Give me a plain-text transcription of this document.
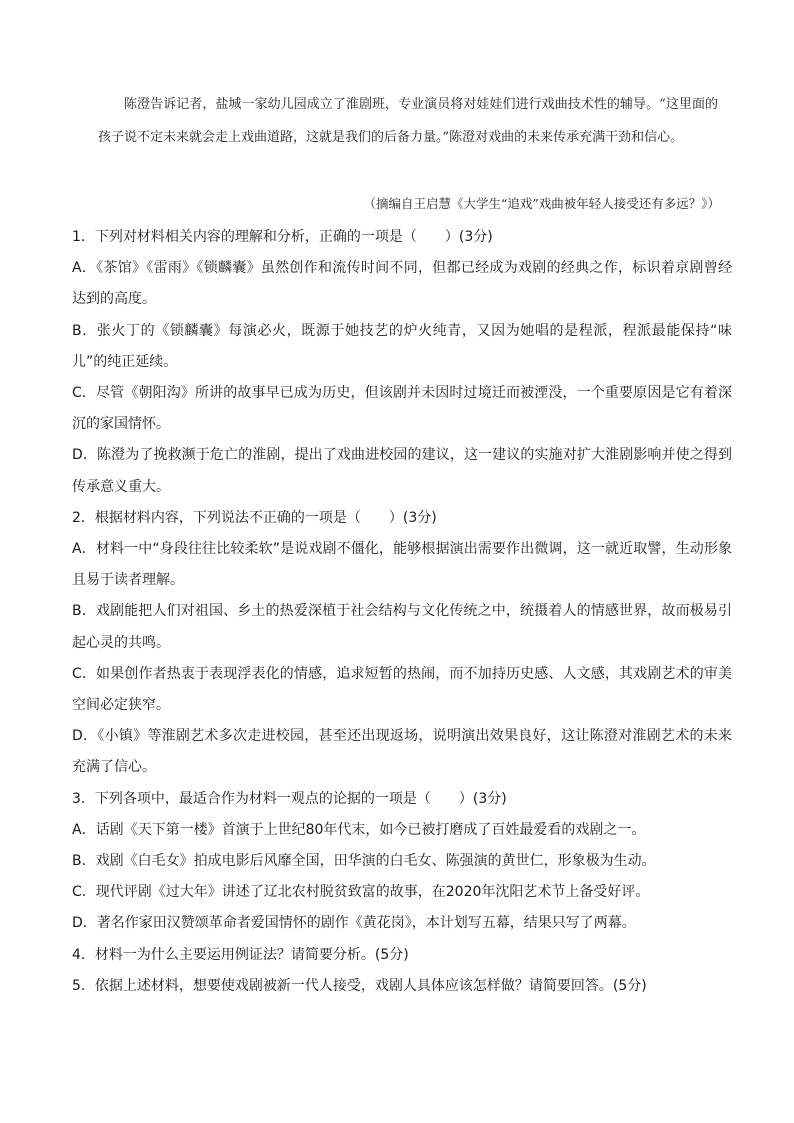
陈澄告诉记者，盐城一家幼儿园成立了淮剧班，专业演员将对娃娃们进行戏曲技术性的辅导。“这里面的孩子说不定未来就会走上戏曲道路，这就是我们的后备力量。”陈澄对戏曲的未来传承充满干劲和信心。

（摘编自王启慧《大学生“追戏”戏曲被年轻人接受还有多远？》）
1．下列对材料相关内容的理解和分析，正确的一项是（　　）(3分)
A．《茶馆》《雷雨》《锁麟囊》虽然创作和流传时间不同，但都已经成为戏剧的经典之作，标识着京剧曾经达到的高度。
B．张火丁的《锁麟囊》每演必火，既源于她技艺的炉火纯青，又因为她唱的是程派，程派最能保持“味儿”的纯正延续。
C．尽管《朝阳沟》所讲的故事早已成为历史，但该剧并未因时过境迁而被湮没，一个重要原因是它有着深沉的家国情怀。
D．陈澄为了挽救濒于危亡的淮剧，提出了戏曲进校园的建议，这一建议的实施对扩大淮剧影响并使之得到传承意义重大。
2．根据材料内容，下列说法不正确的一项是（　　）(3分)
A．材料一中“身段往往比较柔软”是说戏剧不僵化，能够根据演出需要作出微调，这一就近取譬，生动形象且易于读者理解。
B．戏剧能把人们对祖国、乡土的热爱深植于社会结构与文化传统之中，统摄着人的情感世界，故而极易引起心灵的共鸣。
C．如果创作者热衷于表现浮表化的情感，追求短暂的热闹，而不加持历史感、人文感，其戏剧艺术的审美空间必定狭窄。
D．《小镇》等淮剧艺术多次走进校园，甚至还出现返场，说明演出效果良好，这让陈澄对淮剧艺术的未来充满了信心。
3．下列各项中，最适合作为材料一观点的论据的一项是（　　）(3分)
A．话剧《天下第一楼》首演于上世纪80年代末，如今已被打磨成了百姓最爱看的戏剧之一。
B．戏剧《白毛女》拍成电影后风靡全国，田华演的白毛女、陈强演的黄世仁，形象极为生动。
C．现代评剧《过大年》讲述了辽北农村脱贫致富的故事，在2020年沈阳艺术节上备受好评。
D．著名作家田汉赞颂革命者爱国情怀的剧作《黄花岗》，本计划写五幕，结果只写了两幕。
4．材料一为什么主要运用例证法？请简要分析。(5分)
5．依据上述材料，想要使戏剧被新一代人接受，戏剧人具体应该怎样做？请简要回答。(5分)
